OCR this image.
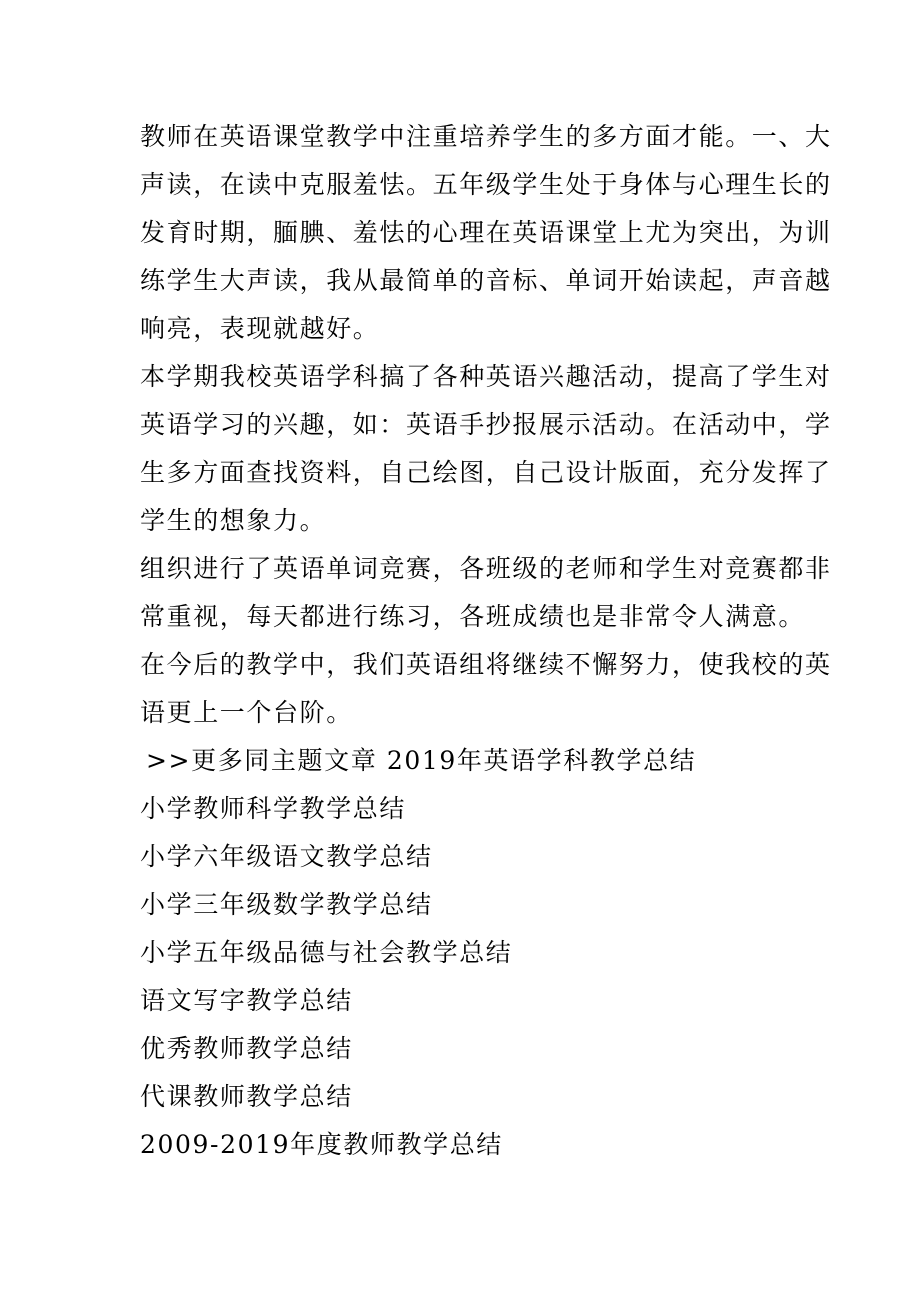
教师在英语课堂教学中注重培养学生的多方面才能。一、大
声读，在读中克服羞怯。五年级学生处于身体与心理生长的
发育时期，腼腆、羞怯的心理在英语课堂上尤为突出，为训
练学生大声读，我从最简单的音标、单词开始读起，声音越
响亮，表现就越好。
本学期我校英语学科搞了各种英语兴趣活动，提高了学生对
英语学习的兴趣，如：英语手抄报展示活动。在活动中，学
生多方面查找资料，自己绘图，自己设计版面，充分发挥了
学生的想象力。
组织进行了英语单词竞赛，各班级的老师和学生对竞赛都非
常重视，每天都进行练习，各班成绩也是非常令人满意。
在今后的教学中，我们英语组将继续不懈努力，使我校的英
语更上一个台阶。
>>更多同主题文章 2019年英语学科教学总结
小学教师科学教学总结
小学六年级语文教学总结
小学三年级数学教学总结
小学五年级品德与社会教学总结
语文写字教学总结
优秀教师教学总结
代课教师教学总结
2009-2019年度教师教学总结
